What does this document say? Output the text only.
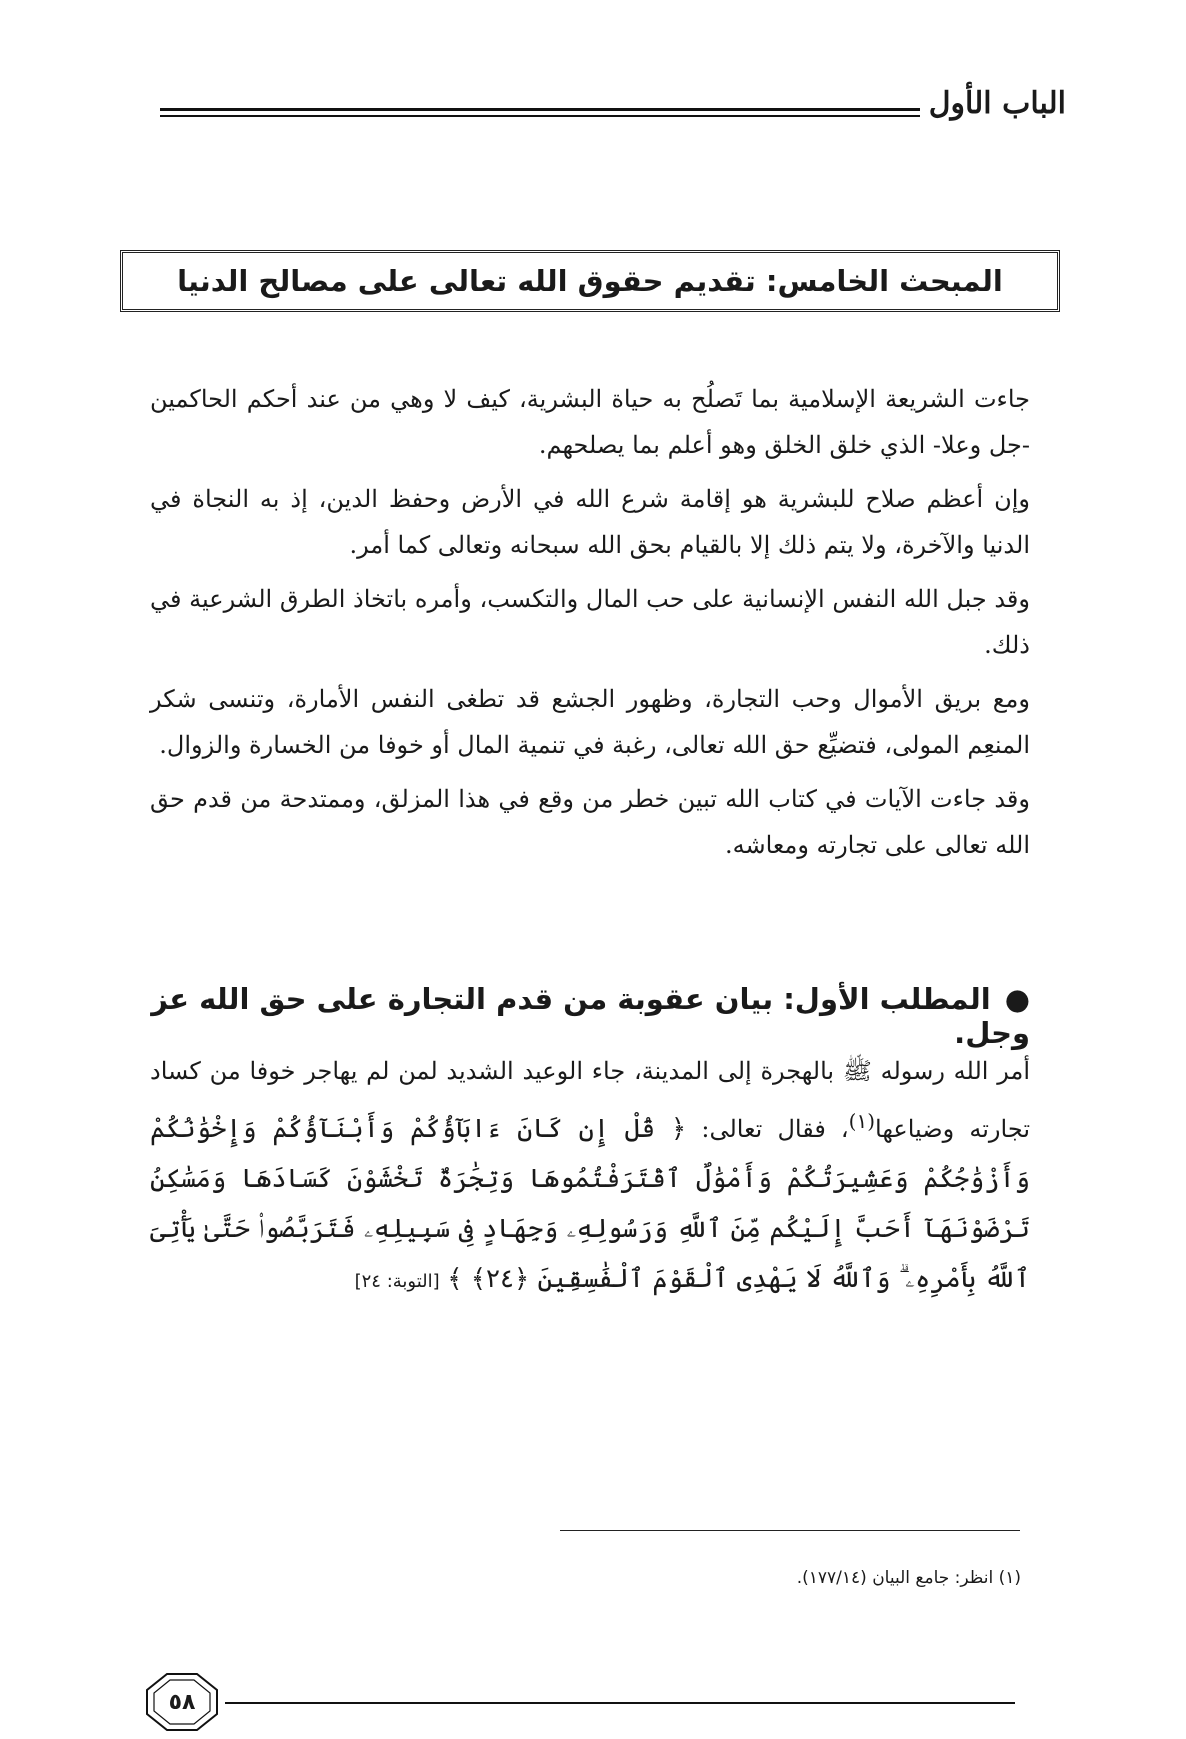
الباب الأول
المبحث الخامس: تقديم حقوق الله تعالى على مصالح الدنيا

جاءت الشريعة الإسلامية بما تَصلُح به حياة البشرية، كيف لا وهي من عند أحكم الحاكمين -جل وعلا- الذي خلق الخلق وهو أعلم بما يصلحهم.

وإن أعظم صلاح للبشرية هو إقامة شرع الله في الأرض وحفظ الدين، إذ به النجاة في الدنيا والآخرة، ولا يتم ذلك إلا بالقيام بحق الله سبحانه وتعالى كما أمر.

وقد جبل الله النفس الإنسانية على حب المال والتكسب، وأمره باتخاذ الطرق الشرعية في ذلك.

ومع بريق الأموال وحب التجارة، وظهور الجشع قد تطغى النفس الأمارة، وتنسى شكر المنعِم المولى، فتضيِّع حق الله تعالى، رغبة في تنمية المال أو خوفا من الخسارة والزوال.

وقد جاءت الآيات في كتاب الله تبين خطر من وقع في هذا المزلق، وممتدحة من قدم حق الله تعالى على تجارته ومعاشه.

●المطلب الأول: بيان عقوبة من قدم التجارة على حق الله عز وجل.
أمر الله رسوله ﷺ بالهجرة إلى المدينة، جاء الوعيد الشديد لمن لم يهاجر خوفا من كساد تجارته وضياعها$^{(١)}$، فقال تعالى: ﴿ قُلْ إِن كَانَ ءَابَآؤُكُمْ وَأَبْنَآؤُكُمْ وَإِخْوَٰنُكُمْ وَأَزْوَٰجُكُمْ وَعَشِيرَتُكُمْ وَأَمْوَٰلٌ ٱقْتَرَفْتُمُوهَا وَتِجَٰرَةٌ تَخْشَوْنَ كَسَادَهَا وَمَسَٰكِنُ تَرْضَوْنَهَآ أَحَبَّ إِلَيْكُم مِّنَ ٱللَّهِ وَرَسُولِهِۦ وَجِهَادٍ فِى سَبِيلِهِۦ فَتَرَبَّصُوا۟ حَتَّىٰ يَأْتِىَ ٱللَّهُ بِأَمْرِهِۦ ۗ وَٱللَّهُ لَا يَهْدِى ٱلْقَوْمَ ٱلْفَٰسِقِينَ ﴿٢٤﴾ ﴾ [التوبة: ٢٤]
(١) انظر: جامع البيان (١٧٧/١٤).
٥٨
